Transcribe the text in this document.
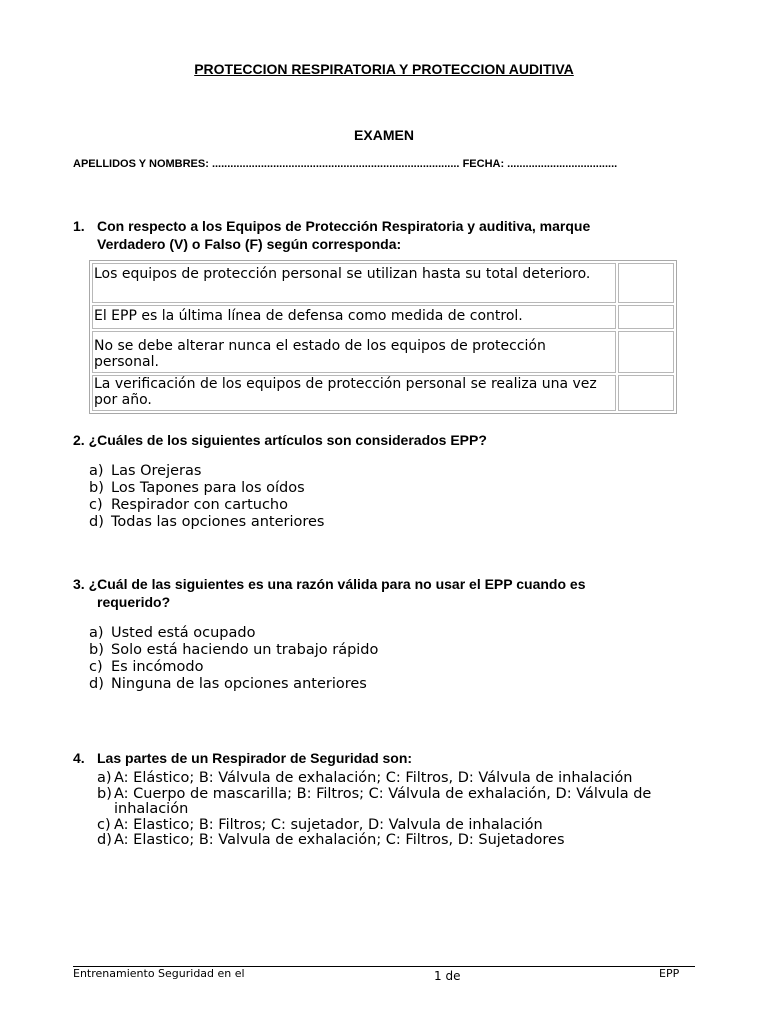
PROTECCION RESPIRATORIA Y PROTECCION AUDITIVA
EXAMEN
APELLIDOS Y NOMBRES: ................................................................................. FECHA: ....................................
1. Con respecto a los Equipos de Protección Respiratoria y auditiva, marque Verdadero (V) o Falso (F) según corresponda:
Los equipos de protección personal se utilizan hasta su total deterioro.	
El EPP es la última línea de defensa como medida de control.	
No se debe alterar nunca el estado de los equipos de protección personal.	
La verificación de los equipos de protección personal se realiza una vez por año.	
2. ¿Cuáles de los siguientes artículos son considerados EPP?
a) Las Orejeras
b) Los Tapones para los oídos
c) Respirador con cartucho
d) Todas las opciones anteriores
3. ¿Cuál de las siguientes es una razón válida para no usar el EPP cuando es requerido?
a) Usted está ocupado
b) Solo está haciendo un trabajo rápido
c) Es incómodo
d) Ninguna de las opciones anteriores
4. Las partes de un Respirador de Seguridad son:
a) A: Elástico; B: Válvula de exhalación; C: Filtros, D: Válvula de inhalación
b) A: Cuerpo de mascarilla; B: Filtros; C: Válvula de exhalación, D: Válvula de inhalación
c) A: Elastico; B: Filtros; C: sujetador, D: Valvula de inhalación
d) A: Elastico; B: Valvula de exhalación; C: Filtros, D: Sujetadores
Entrenamiento Seguridad en el	1 de	EPP
